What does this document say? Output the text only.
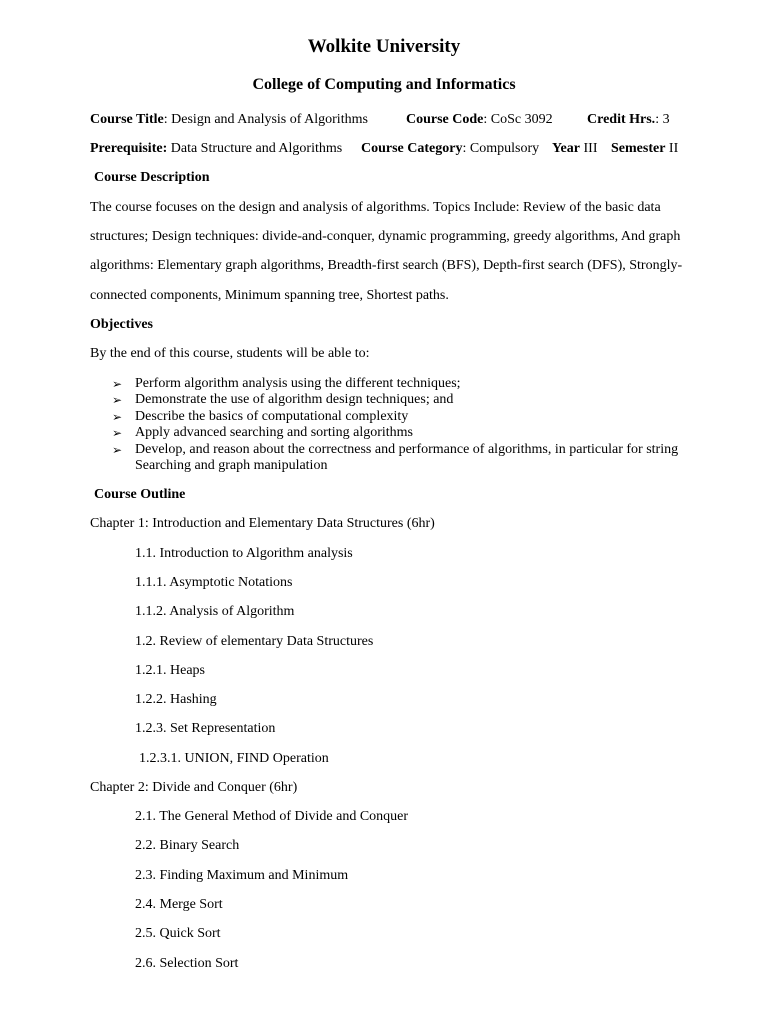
Wolkite University
College of Computing and Informatics
Course Title: Design and Analysis of Algorithms	Course Code: CoSc 3092 Credit Hrs.: 3
Prerequisite: Data Structure and Algorithms Course Category: Compulsory Year III Semester II
Course Description
The course focuses on the design and analysis of algorithms. Topics Include: Review of the basic data
structures; Design techniques: divide-and-conquer, dynamic programming, greedy algorithms, And graph
algorithms: Elementary graph algorithms, Breadth-first search (BFS), Depth-first search (DFS), Strongly-
connected components, Minimum spanning tree, Shortest paths.
Objectives
By the end of this course, students will be able to:
➢ Perform algorithm analysis using the different techniques;
➢ Demonstrate the use of algorithm design techniques; and
➢ Describe the basics of computational complexity
➢ Apply advanced searching and sorting algorithms
➢ Develop, and reason about the correctness and performance of algorithms, in particular for string Searching and graph manipulation
Course Outline
Chapter 1: Introduction and Elementary Data Structures (6hr)
1.1. Introduction to Algorithm analysis
1.1.1. Asymptotic Notations
1.1.2. Analysis of Algorithm
1.2. Review of elementary Data Structures
1.2.1. Heaps
1.2.2. Hashing
1.2.3. Set Representation
1.2.3.1. UNION, FIND Operation
Chapter 2: Divide and Conquer (6hr)
2.1. The General Method of Divide and Conquer
2.2. Binary Search
2.3. Finding Maximum and Minimum
2.4. Merge Sort
2.5. Quick Sort
2.6. Selection Sort
